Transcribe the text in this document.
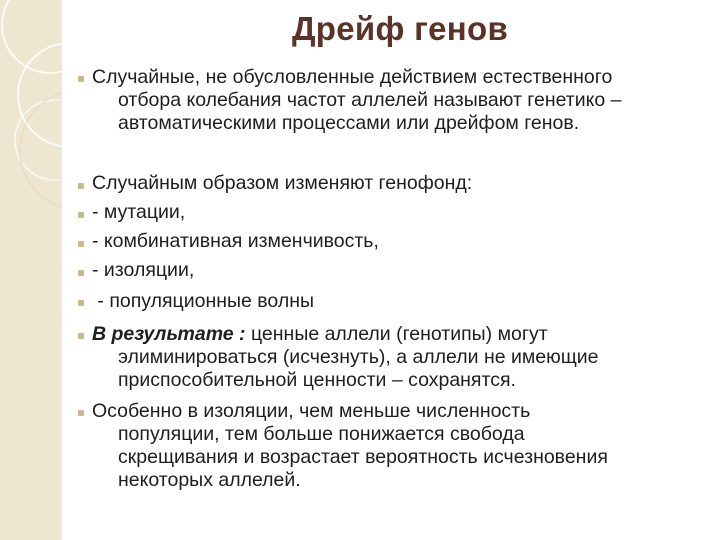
Дрейф генов
Случайные, не обусловленные действием естественного
отбора колебания частот аллелей называют генетико –
автоматическими процессами или дрейфом генов.
Случайным образом изменяют генофонд:
- мутации,
- комбинативная изменчивость,
- изоляции,
- популяционные волны
В результате : ценные аллели (генотипы) могут
элиминироваться (исчезнуть), а аллели не имеющие
приспособительной ценности – сохранятся.
Особенно в изоляции, чем меньше численность
популяции, тем больше понижается свобода
скрещивания и возрастает вероятность исчезновения
некоторых аллелей.
